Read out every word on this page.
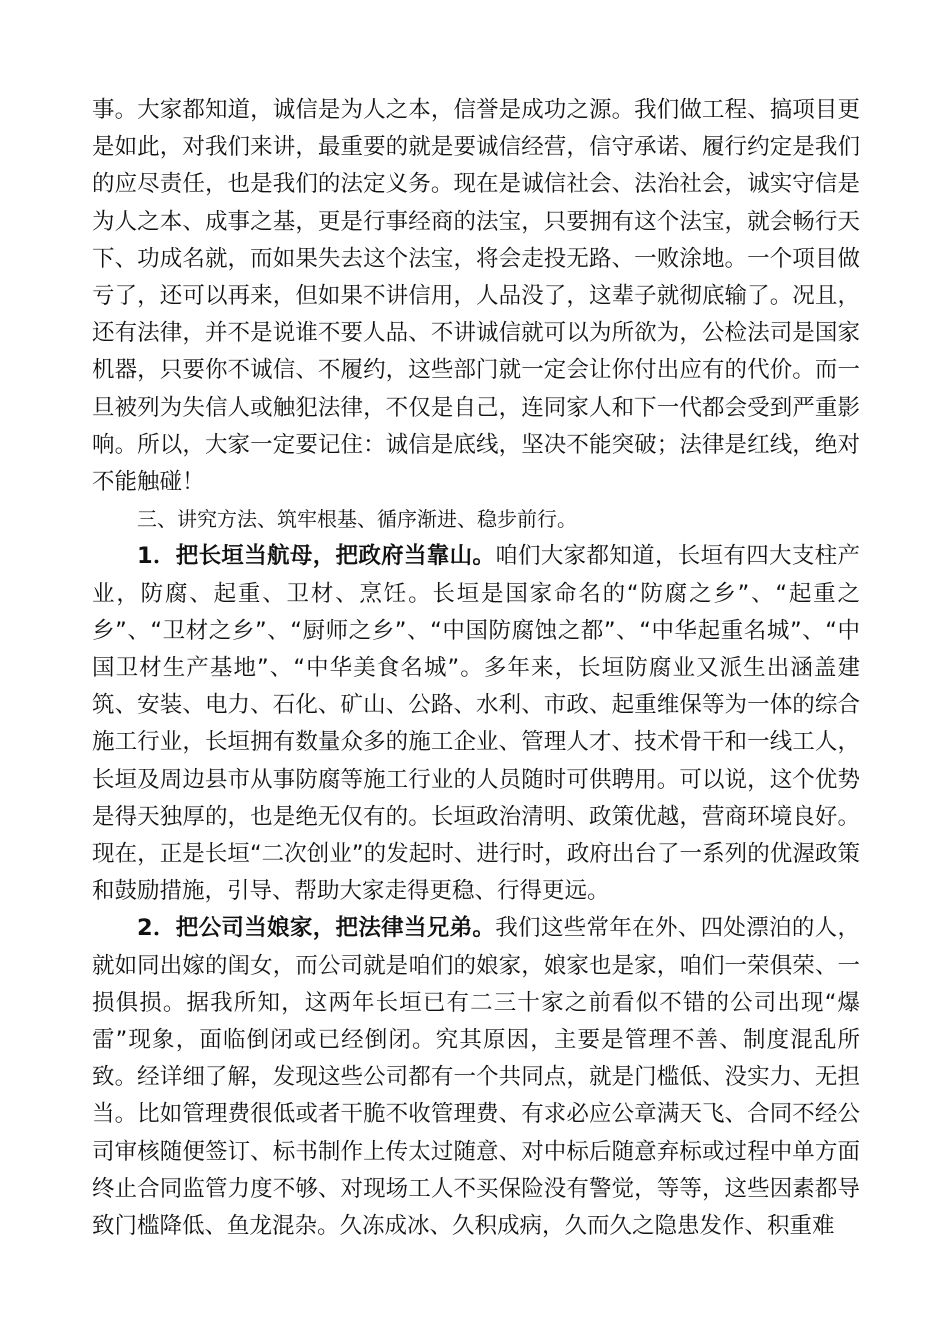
事。大家都知道，诚信是为人之本，信誉是成功之源。我们做工程、搞项目更是如此，对我们来讲，最重要的就是要诚信经营，信守承诺、履行约定是我们的应尽责任，也是我们的法定义务。现在是诚信社会、法治社会，诚实守信是为人之本、成事之基，更是行事经商的法宝，只要拥有这个法宝，就会畅行天下、功成名就，而如果失去这个法宝，将会走投无路、一败涂地。一个项目做亏了，还可以再来，但如果不讲信用，人品没了，这辈子就彻底输了。况且，还有法律，并不是说谁不要人品、不讲诚信就可以为所欲为，公检法司是国家机器，只要你不诚信、不履约，这些部门就一定会让你付出应有的代价。而一旦被列为失信人或触犯法律，不仅是自己，连同家人和下一代都会受到严重影响。所以，大家一定要记住：诚信是底线，坚决不能突破；法律是红线，绝对不能触碰！

三、讲究方法、筑牢根基、循序渐进、稳步前行。

1．把长垣当航母，把政府当靠山。咱们大家都知道，长垣有四大支柱产业，防腐、起重、卫材、烹饪。长垣是国家命名的“防腐之乡”、“起重之乡”、“卫材之乡”、“厨师之乡”、“中国防腐蚀之都”、“中华起重名城”、“中国卫材生产基地”、“中华美食名城”。多年来，长垣防腐业又派生出涵盖建筑、安装、电力、石化、矿山、公路、水利、市政、起重维保等为一体的综合施工行业，长垣拥有数量众多的施工企业、管理人才、技术骨干和一线工人，长垣及周边县市从事防腐等施工行业的人员随时可供聘用。可以说，这个优势是得天独厚的，也是绝无仅有的。长垣政治清明、政策优越，营商环境良好。现在，正是长垣“二次创业”的发起时、进行时，政府出台了一系列的优渥政策和鼓励措施，引导、帮助大家走得更稳、行得更远。

2．把公司当娘家，把法律当兄弟。我们这些常年在外、四处漂泊的人，就如同出嫁的闺女，而公司就是咱们的娘家，娘家也是家，咱们一荣俱荣、一损俱损。据我所知，这两年长垣已有二三十家之前看似不错的公司出现“爆雷”现象，面临倒闭或已经倒闭。究其原因，主要是管理不善、制度混乱所致。经详细了解，发现这些公司都有一个共同点，就是门槛低、没实力、无担当。比如管理费很低或者干脆不收管理费、有求必应公章满天飞、合同不经公司审核随便签订、标书制作上传太过随意、对中标后随意弃标或过程中单方面终止合同监管力度不够、对现场工人不买保险没有警觉，等等，这些因素都导致门槛降低、鱼龙混杂。久冻成冰、久积成病，久而久之隐患发作、积重难
